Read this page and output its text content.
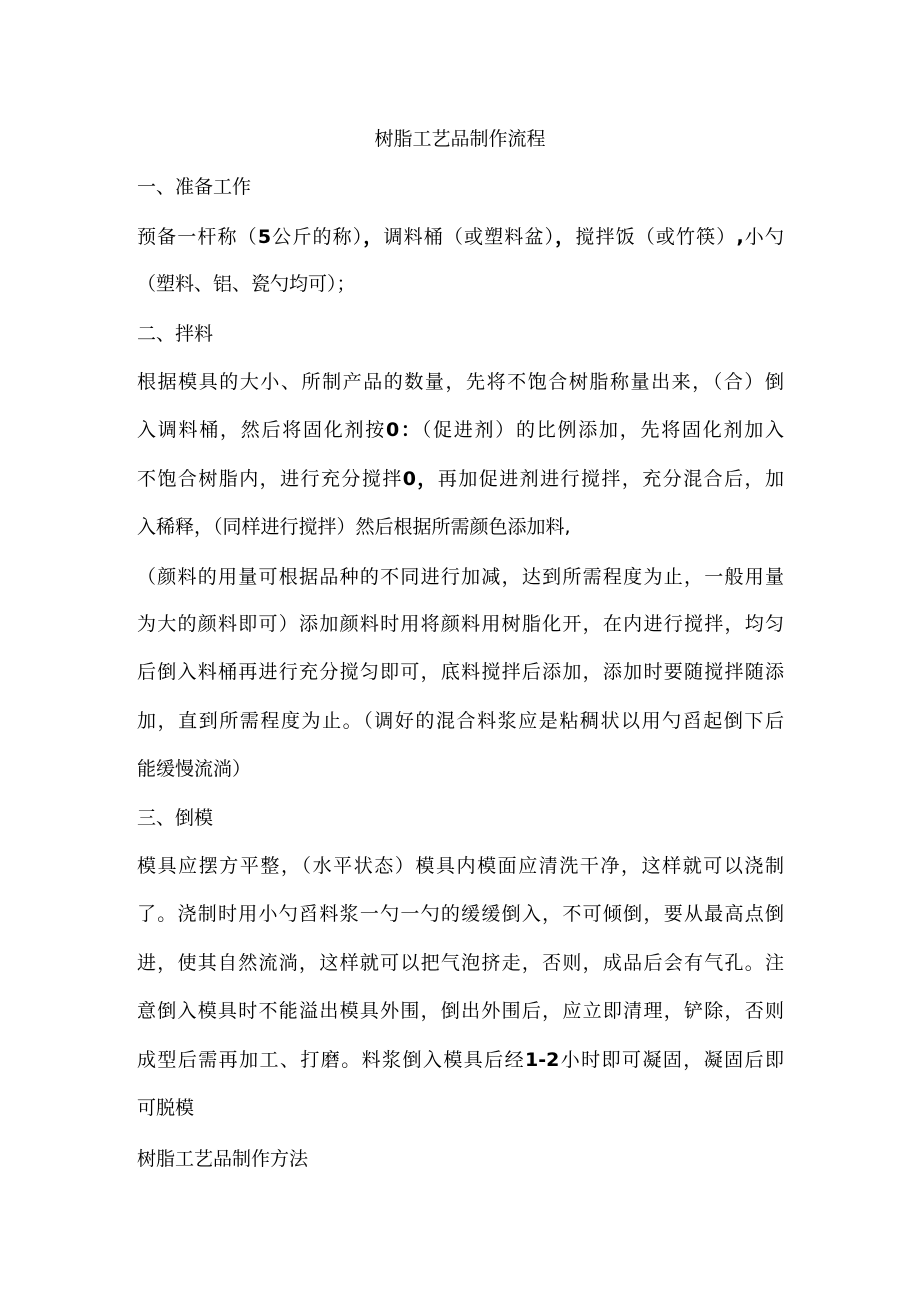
树脂工艺品制作流程
一、准备工作
预备一杆称（5公斤的称），调料桶（或塑料盆），搅拌饭（或竹筷）,小勺
（塑料、铝、瓷勺均可）；
二、拌料
根据模具的大小、所制产品的数量，先将不饱合树脂称量出来，（合）倒
入调料桶，然后将固化剂按0：（促进剂）的比例添加，先将固化剂加入
不饱合树脂内，进行充分搅拌0，再加促进剂进行搅拌，充分混合后，加
入稀释，（同样进行搅拌）然后根据所需颜色添加料,
（颜料的用量可根据品种的不同进行加减，达到所需程度为止，一般用量
为大的颜料即可）添加颜料时用将颜料用树脂化开，在内进行搅拌，均匀
后倒入料桶再进行充分搅匀即可，底料搅拌后添加，添加时要随搅拌随添
加，直到所需程度为止。（调好的混合料浆应是粘稠状以用勺舀起倒下后
能缓慢流淌）
三、倒模
模具应摆方平整，（水平状态）模具内模面应清洗干净，这样就可以浇制
了。浇制时用小勺舀料浆一勺一勺的缓缓倒入，不可倾倒，要从最高点倒
进，使其自然流淌，这样就可以把气泡挤走，否则，成品后会有气孔。注
意倒入模具时不能溢出模具外围，倒出外围后，应立即清理，铲除，否则
成型后需再加工、打磨。料浆倒入模具后经1-2小时即可凝固，凝固后即
可脱模
树脂工艺品制作方法
